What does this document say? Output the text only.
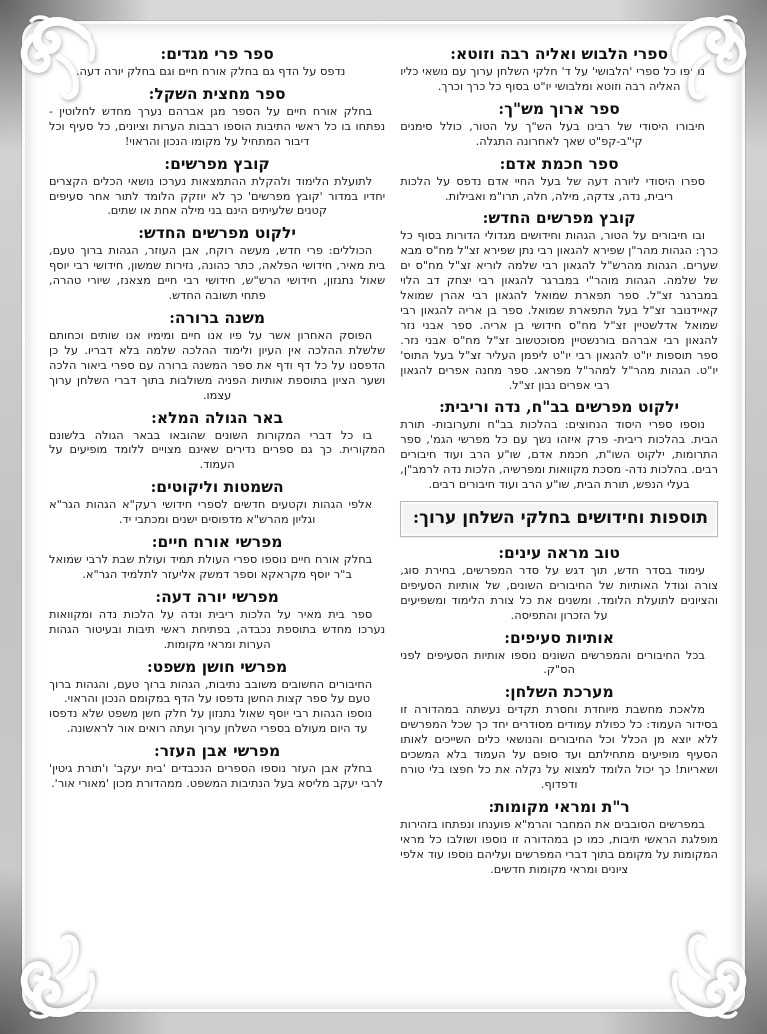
ספרי הלבוש ואליה רבה וזוטא:

נוספו כל ספרי 'הלבושי' על ד' חלקי השלחן ערוך עם נושאי כליו האליה רבה וזוטא ומלבושי יו"ט בסוף כל כרך וכרך.

ספר ארוך מש"ך:

חיבורו היסודי של רבינו בעל הש"ך על הטור, כולל סימנים קי"ב-קפ"ט שאך לאחרונה התגלה.

ספר חכמת אדם:

ספרו היסודי ליורה דעה של בעל החיי אדם נדפס על הלכות ריבית, נדה, צדקה, מילה, חלה, תרו"מ ואבילות.

קובץ מפרשים החדש:

ובו חיבורים על הטור, הגהות וחידושים מגדולי הדורות בסוף כל כרך: הגהות מהר"ן שפירא להגאון רבי נתן שפירא זצ"ל מח"ס מבא שערים. הגהות מהרש"ל להגאון רבי שלמה לוריא זצ"ל מח"ס ים של שלמה. הגהות מוהר"י במברגר להגאון רבי יצחק דב הלוי במברגר זצ"ל. ספר תפארת שמואל להגאון רבי אהרן שמואל קאיידנובר זצ"ל בעל התפארת שמואל. ספר בן אריה להגאון רבי שמואל אדלשטיין זצ"ל מח"ס חידושי בן אריה. ספר אבני נזר להגאון רבי אברהם בורנשטיין מסוכטשוב זצ"ל מח"ס אבני נזר. ספר תוספות יו"ט להגאון רבי יו"ט ליפמן העליר זצ"ל בעל התוס' יו"ט. הגהות מהר"ל למהר"ל מפראג. ספר מחנה אפרים להגאון רבי אפרים נבון זצ"ל.

ילקוט מפרשים בב"ח, נדה וריבית:

נוספו ספרי היסוד הנחוצים: בהלכות בב"ח ותערובות- תורת הבית. בהלכות ריבית- פרק איזהו נשך עם כל מפרשי הגמ', ספר התרומות, ילקוט השו"ת, חכמת אדם, שו"ע הרב ועוד חיבורים רבים. בהלכות נדה- מסכת מקוואות ומפרשיה, הלכות נדה לרמב"ן, בעלי הנפש, תורת הבית, שו"ע הרב ועוד חיבורים רבים.

תוספות וחידושים בחלקי השלחן ערוך:
טוב מראה עינים:

עימוד בסדר חדש, תוך דגש על סדר המפרשים, בחירת סוג, צורה וגודל האותיות של החיבורים השונים, של אותיות הסעיפים והציונים לתועלת הלומד. ומשנים את כל צורת הלימוד ומשפיעים על הזכרון והתפיסה.

אותיות סעיפים:

בכל החיבורים והמפרשים השונים נוספו אותיות הסעיפים לפני הס"ק.

מערכת השלחן:

מלאכת מחשבת מיוחדת וחסרת תקדים נעשתה במהדורה זו בסידור העמוד: כל כפולת עמודים מסודרים יחד כך שכל המפרשים ללא יוצא מן הכלל וכל החיבורים והנושאי כלים השייכים לאותו הסעיף מופיעים מתחילתם ועד סופם על העמוד בלא המשכים ושאריות! כך יכול הלומד למצוא על נקלה את כל חפצו בלי טורח ודפדוף.

ר"ת ומראי מקומות:

במפרשים הסובבים את המחבר והרמ"א פוענחו ונפתחו בזהירות מופלגת הראשי תיבות, כמו כן במהדורה זו נוספו ושולבו כל מראי המקומות על מקומם בתוך דברי המפרשים ועליהם נוספו עוד אלפי ציונים ומראי מקומות חדשים.

ספר פרי מגדים:

נדפס על הדף גם בחלק אורח חיים וגם בחלק יורה דעה.

ספר מחצית השקל:

בחלק אורח חיים על הספר מגן אברהם נערך מחדש לחלוטין - נפתחו בו כל ראשי התיבות הוספו רבבות הערות וציונים, כל סעיף וכל דיבור המתחיל על מקומו הנכון והראוי!

קובץ מפרשים:

לתועלת הלימוד ולהקלת ההתמצאות נערכו נושאי הכלים הקצרים יחדיו במדור 'קובץ מפרשים' כך לא יוזקק הלומד לתור אחר סעיפים קטנים שלעיתים הינם בני מילה אחת או שתים.

ילקוט מפרשים החדש:

הכוללים: פרי חדש, מעשה רוקח, אבן העוזר, הגהות ברוך טעם, בית מאיר, חידושי הפלאה, כתר כהונה, נזירות שמשון, חידושי רבי יוסף שאול נתנזון, חידושי הרש"ש, חידושי רבי חיים מצאנז, שיורי טהרה, פתחי תשובה החדש.

משנה ברורה:

הפוסק האחרון אשר על פיו אנו חיים ומימיו אנו שותים וכחותם שלשלת ההלכה אין העיון ולימוד ההלכה שלמה בלא דבריו. על כן הדפסנו על כל דף ודף את ספר המשנה ברורה עם ספרי ביאור הלכה ושער הציון בתוספת אותיות הפניה משולבות בתוך דברי השלחן ערוך עצמו.

באר הגולה המלא:

בו כל דברי המקורות השונים שהובאו בבאר הגולה בלשונם המקורית. כך גם ספרים נדירים שאינם מצויים ללומד מופיעים על העמוד.

השמטות וליקוטים:

אלפי הגהות וקטעים חדשים לספרי חידושי רעק"א הגהות הגר"א וגליון מהרש"א מדפוסים ישנים ומכתבי יד.

מפרשי אורח חיים:

בחלק אורח חיים נוספו ספרי העולת תמיד ועולת שבת לרבי שמואל ב"ר יוסף מקראקא וספר דמשק אליעזר לתלמיד הגר"א.

מפרשי יורה דעה:

ספר בית מאיר על הלכות ריבית ונדה על הלכות נדה ומקוואות נערכו מחדש בתוספת נכבדה, בפתיחת ראשי תיבות ובעיטור הגהות הערות ומראי מקומות.

מפרשי חושן משפט:

החיבורים החשובים משובב נתיבות, הגהות ברוך טעם, והגהות ברוך טעם על ספר קצות החשן נדפסו על הדף במקומם הנכון והראוי.

נוספו הגהות רבי יוסף שאול נתנזון על חלק חשן משפט שלא נדפסו עד היום מעולם בספרי השלחן ערוך ועתה רואים אור לראשונה.

מפרשי אבן העזר:

בחלק אבן העזר נוספו הספרים הנכבדים 'בית יעקב' ו'תורת גיטין' לרבי יעקב מליסא בעל הנתיבות המשפט. ממהדורת מכון 'מאורי אור'.
